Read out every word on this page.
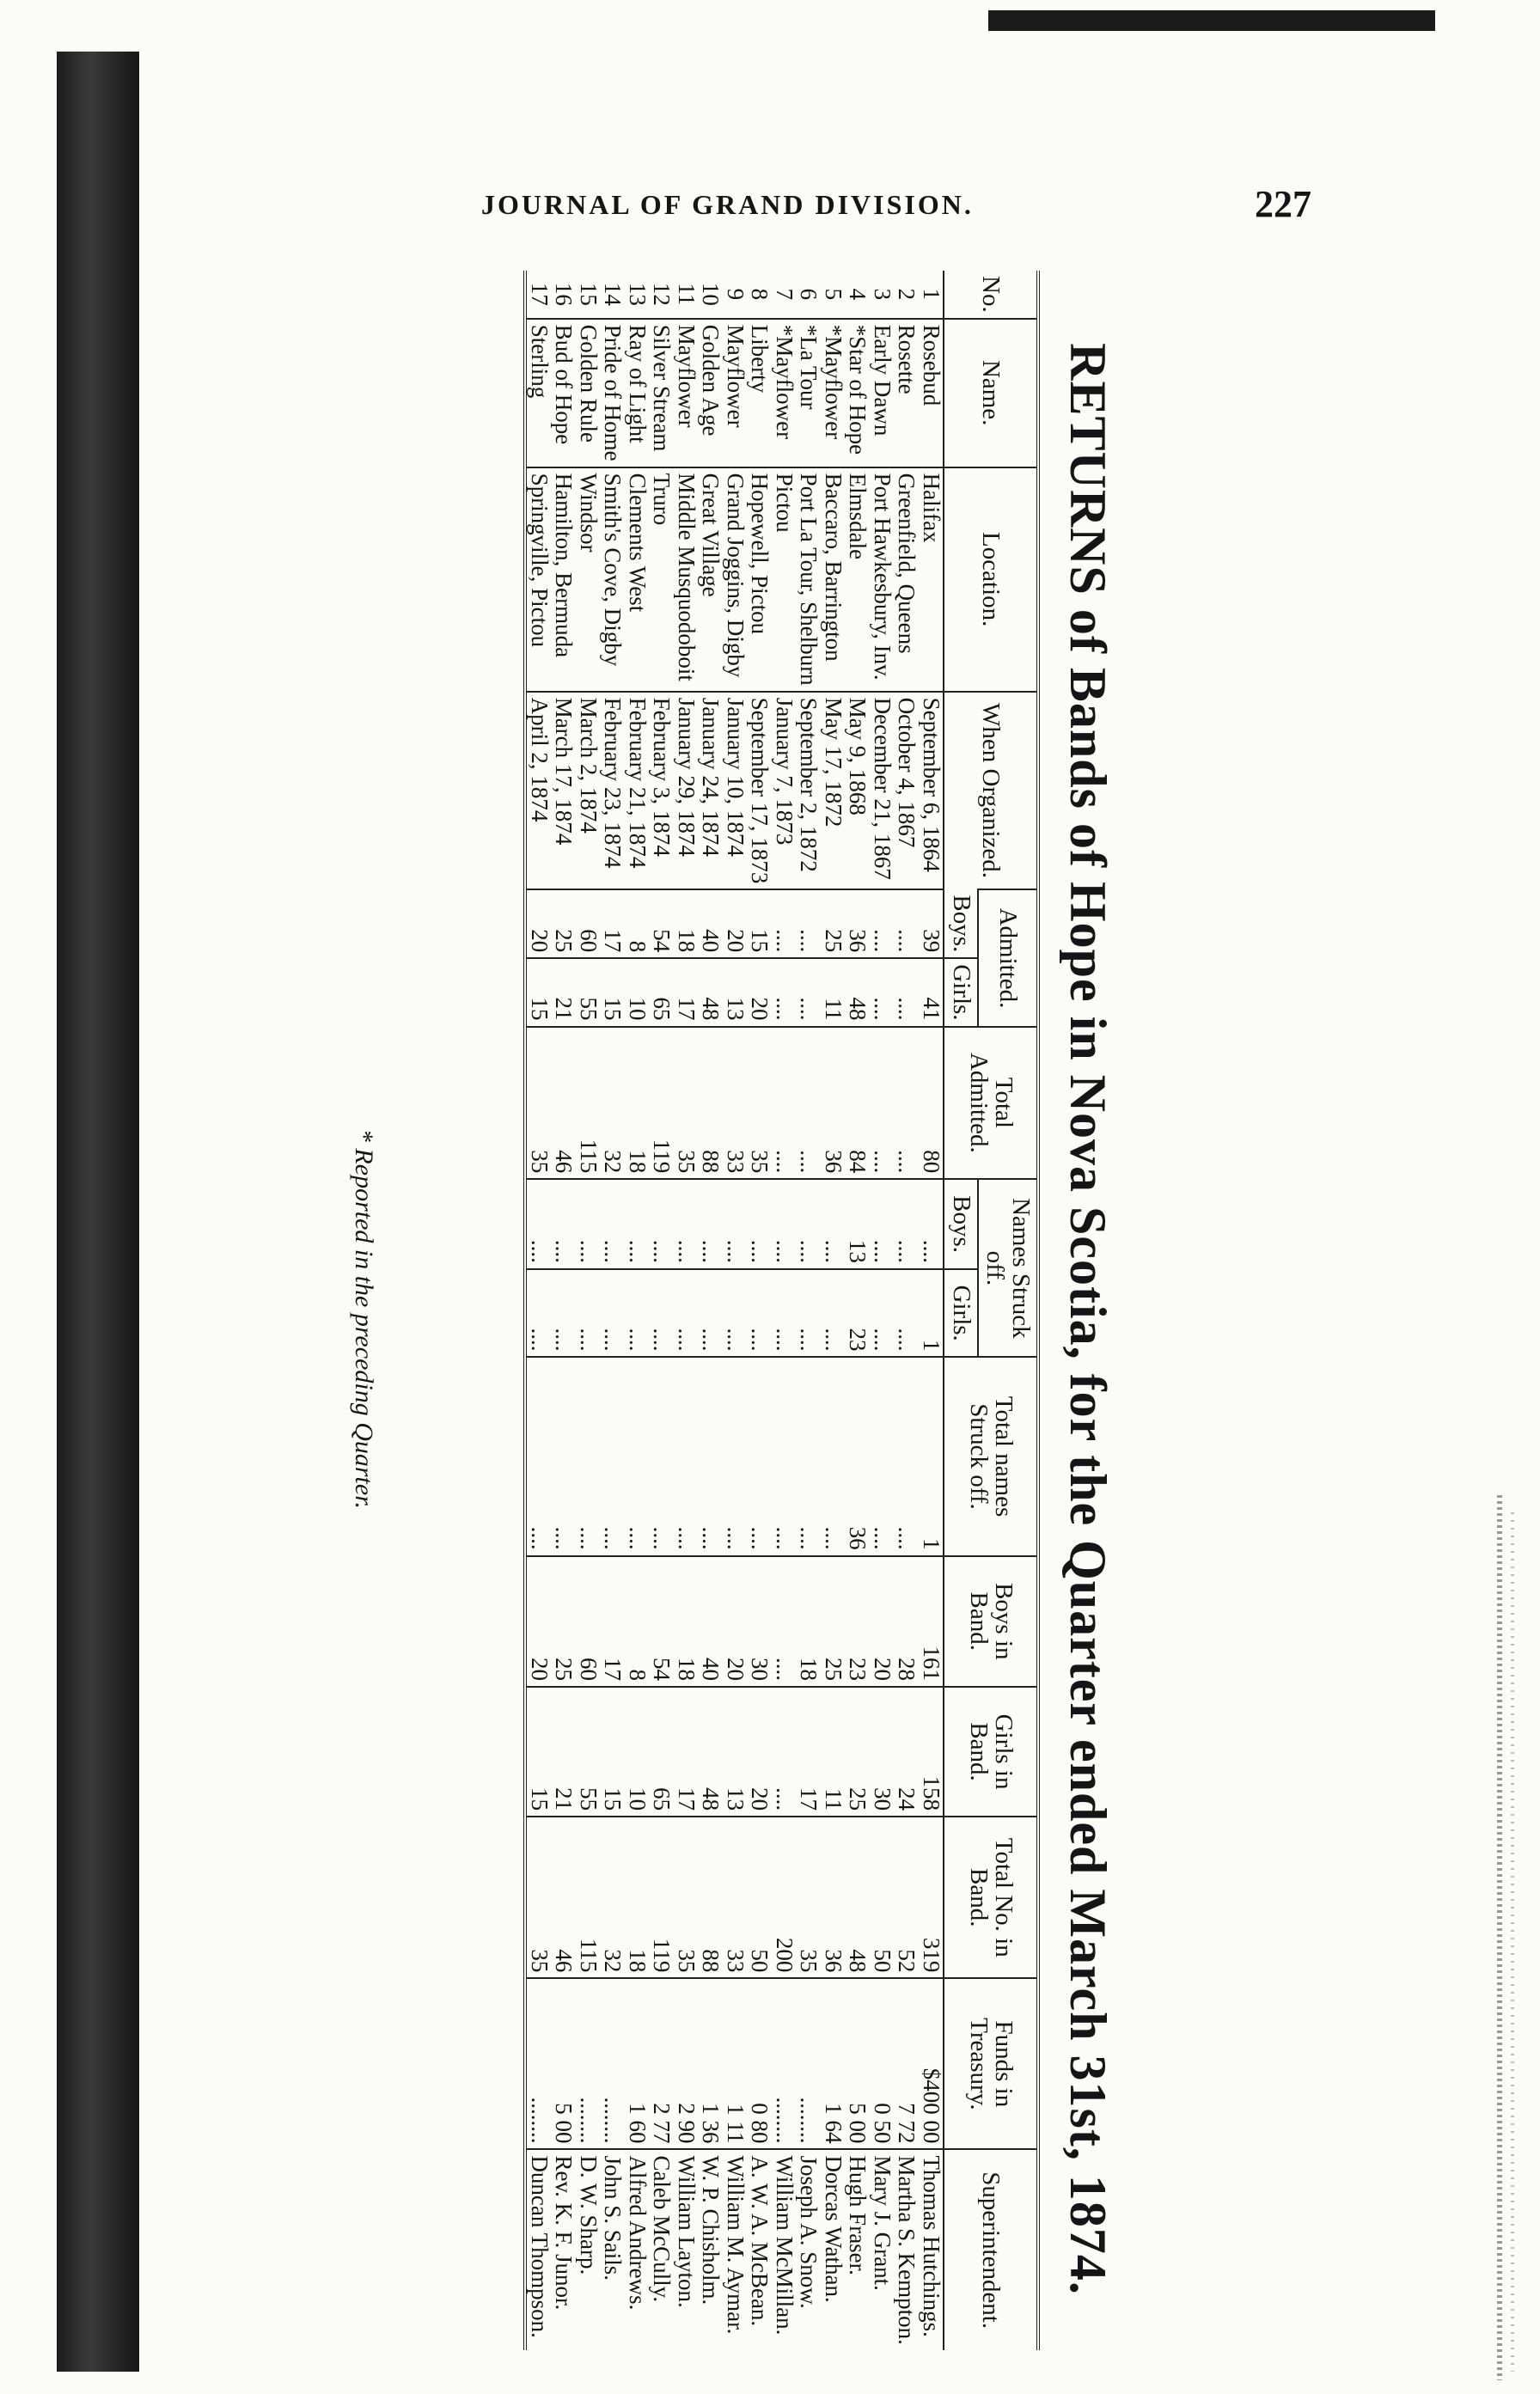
JOURNAL OF GRAND DIVISION.	227
RETURNS of Bands of Hope in Nova Scotia, for the Quarter ended March 31st, 1874.
No.	Name.	Location.	When Organized.	Admitted.		Total Admitted.	Names Struck off.		Total names Struck off.	Boys in Band.	Girls in Band.	Total No. in Band.	Funds in Treasury.	Superintendent.
				Boys.	Girls.		Boys.	Girls.						
1	Rosebud	Halifax	September 6, 1864	39	41	80	....	1	1	161	158	319	$400 00	Thomas Hutchings.
2	Rosette	Greenfield, Queens	October 4, 1867	....	....	....	....	....	....	28	24	52	7 72	Martha S. Kempton.
3	Early Dawn	Port Hawkesbury, Inv.	December 21, 1867	....	....	....	....	....	....	20	30	50	0 50	Mary J. Grant.
4	*Star of Hope	Elmsdale	May 9, 1868	36	48	84	13	23	36	23	25	48	5 00	Hugh Fraser.
5	*Mayflower	Baccaro, Barrington	May 17, 1872	25	11	36	....	....	....	25	11	36	1 64	Dorcas Wathan.
6	*La Tour	Port La Tour, Shelburn	September 2, 1872	....	....	....	....	....	....	18	17	35	........	Joseph A. Snow.
7	*Mayflower	Pictou	January 7, 1873	....	....	....	....	....	....	....	....	200	........	William McMillan.
8	Liberty	Hopewell, Pictou	September 17, 1873	15	20	35	....	....	....	30	20	50	0 80	A. W. A. McBean.
9	Mayflower	Grand Joggins, Digby	January 10, 1874	20	13	33	....	....	....	20	13	33	1 11	William M. Aymar.
10	Golden Age	Great Village	January 24, 1874	40	48	88	....	....	....	40	48	88	1 36	W. P. Chisholm.
11	Mayflower	Middle Musquodoboit	January 29, 1874	18	17	35	....	....	....	18	17	35	2 90	William Layton.
12	Silver Stream	Truro	February 3, 1874	54	65	119	....	....	....	54	65	119	2 77	Caleb McCully.
13	Ray of Light	Clements West	February 21, 1874	8	10	18	....	....	....	8	10	18	1 60	Alfred Andrews.
14	Pride of Home	Smith's Cove, Digby	February 23, 1874	17	15	32	....	....	....	17	15	32	........	John S. Sails.
15	Golden Rule	Windsor	March 2, 1874	60	55	115	....	....	....	60	55	115	........	D. W. Sharp.
16	Bud of Hope	Hamilton, Bermuda	March 17, 1874	25	21	46	....	....	....	25	21	46	5 00	Rev. K. F. Junor.
17	Sterling	Springville, Pictou	April 2, 1874	20	15	35	....	....	....	20	15	35	........	Duncan Thompson.
* Reported in the preceding Quarter.
